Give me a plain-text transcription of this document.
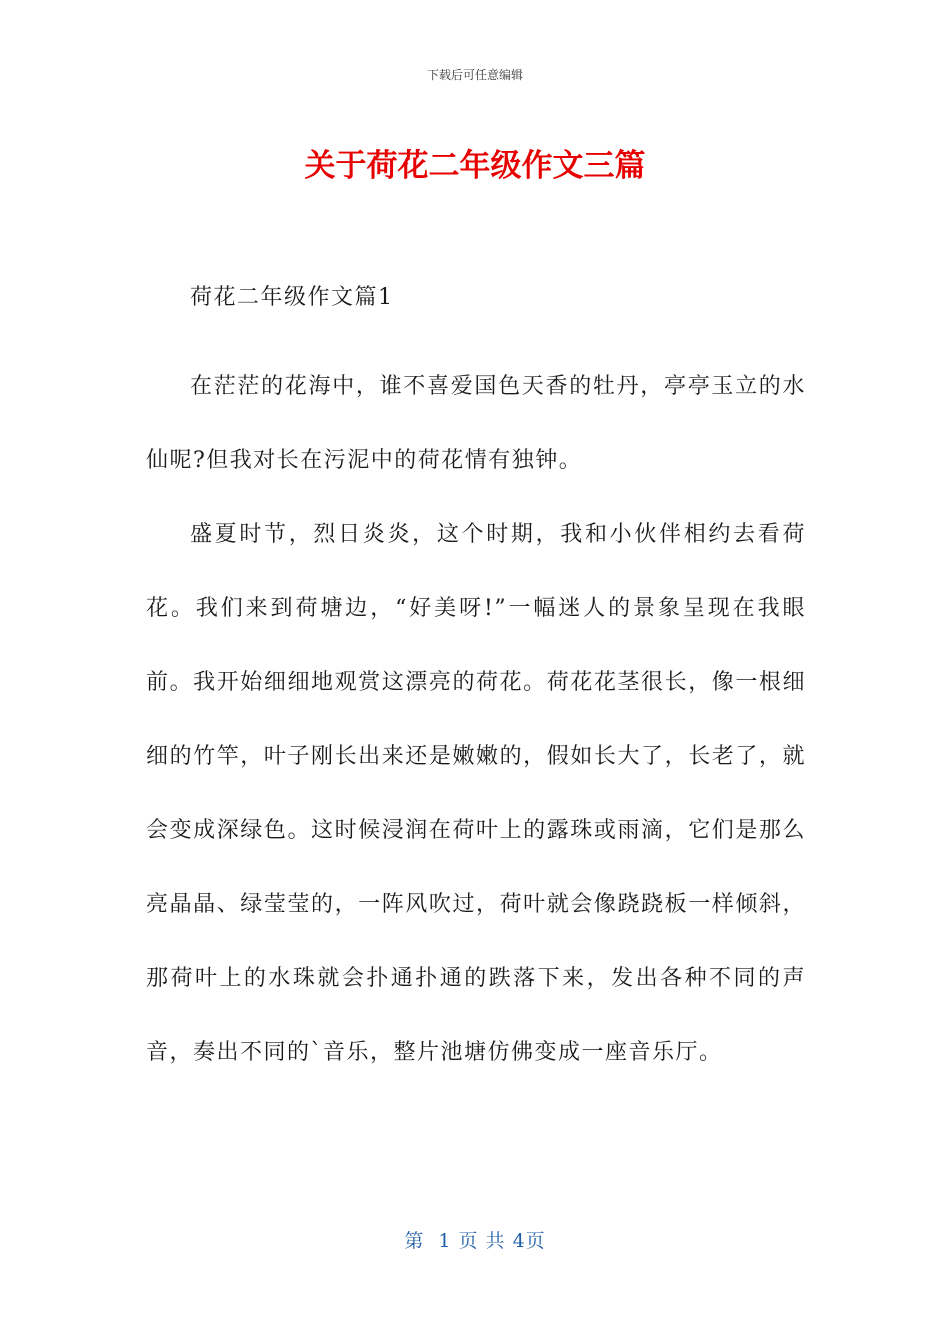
下载后可任意编辑
关于荷花二年级作文三篇

荷花二年级作文篇1

在茫茫的花海中，谁不喜爱国色天香的牡丹，亭亭玉立的水仙呢?但我对长在污泥中的荷花情有独钟。

盛夏时节，烈日炎炎，这个时期，我和小伙伴相约去看荷花。我们来到荷塘边，“好美呀!”一幅迷人的景象呈现在我眼前。我开始细细地观赏这漂亮的荷花。荷花花茎很长，像一根细细的竹竿，叶子刚长出来还是嫩嫩的，假如长大了，长老了，就会变成深绿色。这时候浸润在荷叶上的露珠或雨滴，它们是那么亮晶晶、绿莹莹的，一阵风吹过，荷叶就会像跷跷板一样倾斜，那荷叶上的水珠就会扑通扑通的跌落下来，发出各种不同的声音，奏出不同的`音乐，整片池塘仿佛变成一座音乐厅。

第  1 页 共 4页
